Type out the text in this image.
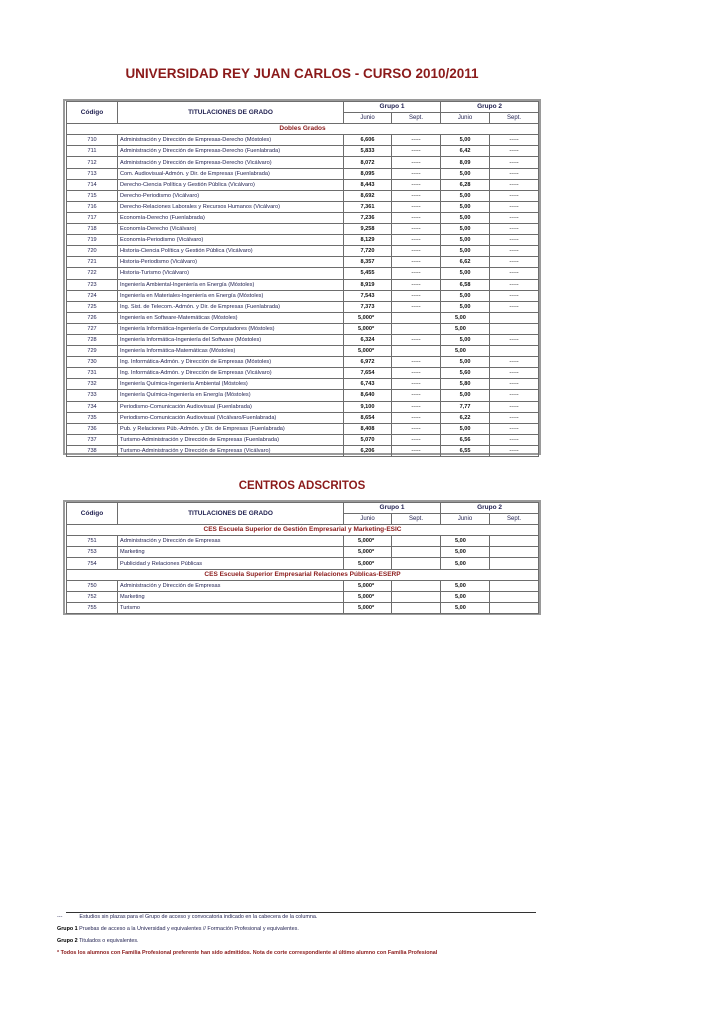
UNIVERSIDAD REY JUAN CARLOS - CURSO 2010/2011
Código	TITULACIONES DE GRADO	Grupo 1		Grupo 2	
		Junio	Sept.	Junio	Sept.
Dobles Grados					
710	Administración y Dirección de Empresas-Derecho (Móstoles)	6,606	-----	5,00	-----
711	Administración y Dirección de Empresas-Derecho (Fuenlabrada)	5,833	-----	6,42	-----
712	Administración y Dirección de Empresas-Derecho (Vicálvaro)	8,072	-----	8,09	-----
713	Com. Audiovisual-Admón. y Dir. de Empresas (Fuenlabrada)	8,095	-----	5,00	-----
714	Derecho-Ciencia Política y Gestión Pública (Vicálvaro)	8,443	-----	6,28	-----
715	Derecho-Periodismo (Vicálvaro)	8,692	-----	5,00	-----
716	Derecho-Relaciones Laborales y Recursos Humanos (Vicálvaro)	7,361	-----	5,00	-----
717	Economía-Derecho (Fuenlabrada)	7,236	-----	5,00	-----
718	Economía-Derecho (Vicálvaro)	9,258	-----	5,00	-----
719	Economía-Periodismo (Vicálvaro)	8,129	-----	5,00	-----
720	Historia-Ciencia Política y Gestión Pública (Vicálvaro)	7,720	-----	5,00	-----
721	Historia-Periodismo (Vicálvaro)	8,357	-----	6,62	-----
722	Historia-Turismo (Vicálvaro)	5,455	-----	5,00	-----
723	Ingeniería Ambiental-Ingeniería en Energía (Móstoles)	8,919	-----	6,58	-----
724	Ingeniería en Materiales-Ingeniería en Energía (Móstoles)	7,543	-----	5,00	-----
725	Ing. Sist. de Telecom.-Admón. y Dir. de Empresas (Fuenlabrada)	7,373	-----	5,00	-----
726	Ingeniería en Software-Matemáticas (Móstoles)	5,000*		5,00	
727	Ingeniería Informática-Ingeniería de Computadores (Móstoles)	5,000*		5,00	
728	Ingeniería Informática-Ingeniería del Software (Móstoles)	6,324	-----	5,00	-----
729	Ingeniería Informática-Matemáticas (Móstoles)	5,000*		5,00	
730	Ing. Informática-Admón. y Dirección de Empresas (Móstoles)	6,972	-----	5,00	-----
731	Ing. Informática-Admón. y Dirección de Empresas (Vicálvaro)	7,654	-----	5,60	-----
732	Ingeniería Química-Ingeniería Ambiental (Móstoles)	6,743	-----	5,80	-----
733	Ingeniería Química-Ingeniería en Energía (Móstoles)	8,640	-----	5,00	-----
734	Periodismo-Comunicación Audiovisual (Fuenlabrada)	9,100	-----	7,77	-----
735	Periodismo-Comunicación Audiovisual (Vicálvaro/Fuenlabrada)	8,654	-----	6,22	-----
736	Pub. y Relaciones Púb.-Admón. y Dir. de Empresas (Fuenlabrada)	8,408	-----	5,00	-----
737	Turismo-Administración y Dirección de Empresas (Fuenlabrada)	5,070	-----	6,56	-----
738	Turismo-Administración y Dirección de Empresas (Vicálvaro)	6,206	-----	6,55	-----
CENTROS ADSCRITOS
Código	TITULACIONES DE GRADO	Grupo 1		Grupo 2	
		Junio	Sept.	Junio	Sept.
CES Escuela Superior de Gestión Empresarial y Marketing-ESIC					
751	Administración y Dirección de Empresas	5,000*		5,00	
753	Marketing	5,000*		5,00	
754	Publicidad y Relaciones Públicas	5,000*		5,00	
CES Escuela Superior Empresarial Relaciones Públicas-ESERP					
750	Administración y Dirección de Empresas	5,000*		5,00	
752	Marketing	5,000*		5,00	
755	Turismo	5,000*		5,00	
---	Estudios sin plazas para el Grupo de acceso y convocatoria indicado en la cabecera de la columna.
Grupo 1 Pruebas de acceso a la Universidad y equivalentes // Formación Profesional y equivalentes.
Grupo 2 Titulados o equivalentes.
* Todos los alumnos con Familia Profesional preferente han sido admitidos. Nota de corte correspondiente al último alumno con Familia Profesional
